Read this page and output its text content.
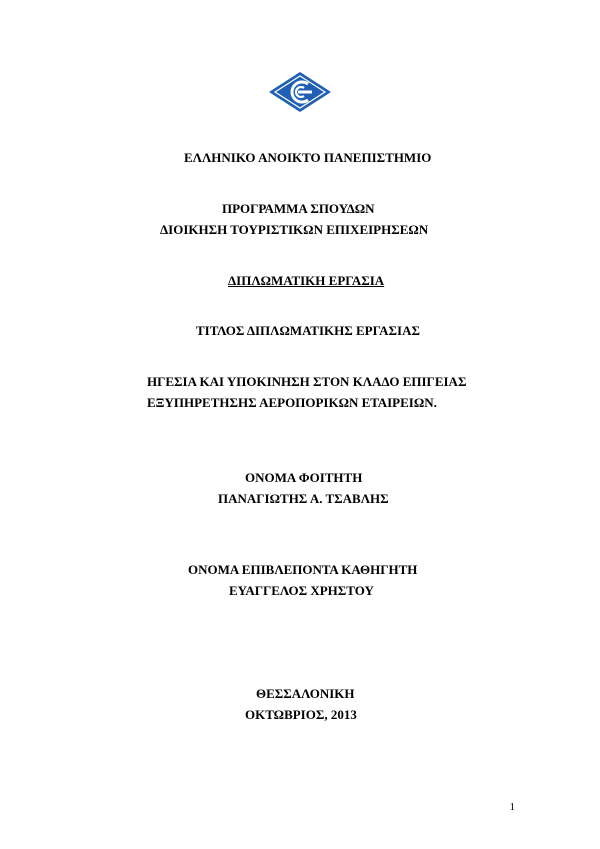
ΕΛΛΗΝΙΚΟ ΑΝΟΙΚΤΟ ΠΑΝΕΠΙΣΤΗΜΙΟ
ΠΡΟΓΡΑΜΜΑ ΣΠΟΥΔΩΝ
ΔΙΟΙΚΗΣΗ ΤΟΥΡΙΣΤΙΚΩΝ ΕΠΙΧΕΙΡΗΣΕΩΝ
ΔΙΠΛΩΜΑΤΙΚΗ ΕΡΓΑΣΙΑ
ΤΙΤΛΟΣ ΔΙΠΛΩΜΑΤΙΚΗΣ ΕΡΓΑΣΙΑΣ
ΗΓΕΣΙΑ ΚΑΙ ΥΠΟΚΙΝΗΣΗ ΣΤΟΝ ΚΛΑΔΟ ΕΠΙΓΕΙΑΣ
ΕΞΥΠΗΡΕΤΗΣΗΣ ΑΕΡΟΠΟΡΙΚΩΝ ΕΤΑΙΡΕΙΩΝ.
ΟΝΟΜΑ ΦΟΙΤΗΤΗ
ΠΑΝΑΓΙΩΤΗΣ Α. ΤΣΑΒΛΗΣ
ΟΝΟΜΑ ΕΠΙΒΛΕΠΟΝΤΑ ΚΑΘΗΓΗΤΗ
ΕΥΑΓΓΕΛΟΣ ΧΡΗΣΤΟΥ
ΘΕΣΣΑΛΟΝΙΚΗ
ΟΚΤΩΒΡΙΟΣ, 2013
1
